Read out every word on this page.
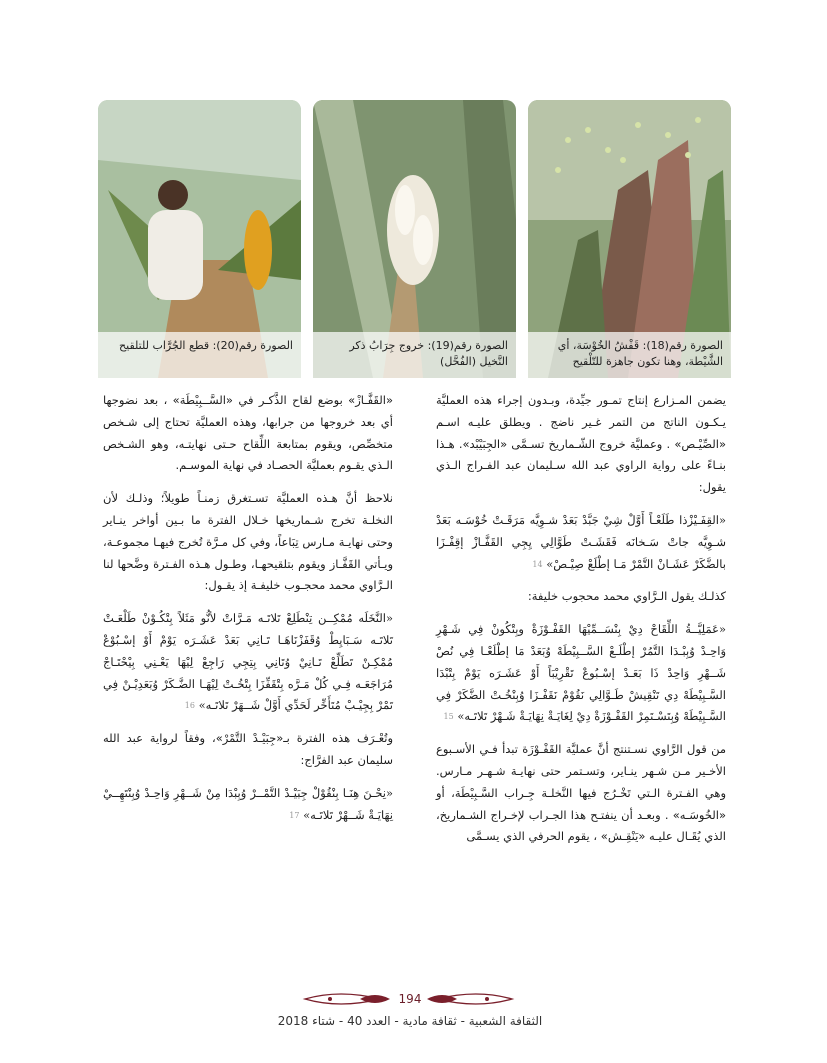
الصورة رقم(18): قَفْشُ الخُوْسَة، أي الشَّيْطة، وهنا تكون جاهزة للتّلْقيح
الصورة رقم(19): خروج جِرَابُ ذكر النَّخيل (الفُحَّل)
الصورة رقم(20): قطع الجُرَّاب للتلقيح

يضمن المـزارع إنتاج تمـور جيِّدة، وبـدون إجراء هذه العمليَّة يـكـون الناتج من التمر غـير ناضج . ويطلق عليـه اسـم «الصِّيْـص» . وعمليَّة خروج الشّـماريخ تسـمَّى «الجِبَيْبْد». هـذا بنـاءً على رواية الراوي عبد الله سـليمان عبد الفـراج الـذي يقول:

«القِفَـيْزْذا طَلَعْـاً أَوَّلْ شِيْ جَبَّدْ بَعَدْ شـوِيَّه مَرَقَـتْ خُوْسَـه بَعَدْ شـوِيَّه جاتْ سَـخانَه فَقَشَـتْ طَوَّالِي يِجِي القَفَّـازْ إقِفْـزَا بالضَّكَرْ عَشَـانْ التَّمْرْ مَـا إطْلَعْ صِيْـصْ» $^{14}$

كذلـك يقول الـرَّاوي محمد محجوب خليفة:

«عَمَلِيَّــةُ اللِّقَاحْ دِيْ بِنْسَــمِّيْهَا القَفْـوْزَةْ وبِتْكُونْ فِي شَـهْرِ وَاحِـدْ وُبِبْـدَا التَّمُرْ إطْلَـعْ السَّــبِيْطَهْ وُبَعَدْ مَا إطْلَعْـا فِي نُصْ شَــهْرِ وَاحِدْ ذَا بَعَـدْ إسْـبُوعْ تَقْرِيْبَاً أَوْ عَشَـرَه يَوْمْ بِتْبْدَا السَّـبِيْطَهْ دِي تَنْقِيشْ طَـوَّالِي نَقُوْمْ نَقَفْـزَا وُبِنْخُـتْ الضَّكَرْ فِي السَّـبِيْطَهْ وُبِتَسْـتَمِرْ القَفْـوْزَةْ دِيْ لِغَايَـةْ نِهَايَـةْ شَـهْرْ تَلاتَـه» $^{15}$

من قول الرَّاوي نسـتنتج أنَّ عمليَّة القَفْـوْزَة تبدأ فـي الأسـبوع الأخـير مـن شـهر ينـاير، وتسـتمر حتى نهايـة شـهـر مـارس. وهي الفـترة الـتي تَخْـرُج فيها النَّخلـة جِـراب السَّـبِيْطَة، أو «الخُوسَـه» . وبعـد أن ينفتـح هذا الجـراب لإخـراج الشـماريخ، الذي يُقَـال عليـه «يَنْقِـش» ، يقوم الحرفي الذي يسـمَّى

«القَفَّـازْ» بوضع لقاح الذَّكـر في «السَّــبِيْطَة» ، بعد نضوجها أي بعد خروجها من جرابها، وهذه العمليَّة تحتاج إلى شـخص متخصِّص، ويقوم بمتابعة اللِّقاح حـتى نهايتـه، وهو الشـخص الـذي يقـوم بعمليَّة الحصـاد في نهاية الموسـم.

نلاحظ أنَّ هـذه العمليَّة تسـتغرق زمنـاً طويلاً؛ وذلـك لأن النخلـة تخرج شـماريخها خـلال الفترة ما بـين أواخر ينـاير وحتى نهايـة مـارس تِبَاعاً، وفي كل مـرَّة تُخرج فيهـا مجموعـة، ويـأتي القَفَّـاز ويقوم بتلقيحهـا، وطـول هـذه الفـترة وضَّحها لنا الـرَّاوي محمد محجـوب خليفـة إذ يقـول:

«النَّخَلَه مُمْكِــن تِنْطَلِعْ تَلاتَـه مَـرَّاتْ لأنُّو مَثَلاً بِتْكُـوْنْ طَلْعَـتْ تَلاتَـه سَـبَايِطْ وُقَفَزْنَاهَـا تَـانِي بَعَدْ عَشَـرَه يَوْمْ أَوْ إسْـبُوْعْ مُمْكِـنْ تَطَلِّعْ تَـانِيْ وُتَانِي بِتِجِي رَاجِعْ لِيْهَا يَعْـنِي بِيْحْتَـاجْ مُرَاجَعَـه فِـي كُلْ مَـرَّه بِتْقَفِّزَا بِتْخُـتْ لِيْهَـا الضَّـكَرْ وُبَعَدِيْـنْ فِي تَمْرْ بِجِيْـبْ مُتَأَخِّر لَحَدِّي أَوَّلْ شَــهَرْ تَلاتَـه» $^{16}$

وتُعْـرَف هذه الفترة بـ«جِبَيْـدْ التَّمْرْ»، وفقاً لرواية عبد الله سليمان عبد الفرَّاج:

«نِحْـنَ هِنَـا بِنْقُوْلْ جِبَيْـدْ التَّمْــرْ وُبِبْدَا مِنْ شَــهْرِ وَاحِـدْ وُبِنْتَهِــيْ نِهَايَـةْ شَــهْرْ تَلاتَـه» $^{17}$

194
الثقافة الشعبية - ثقافة مادية - العدد 40 - شتاء 2018
